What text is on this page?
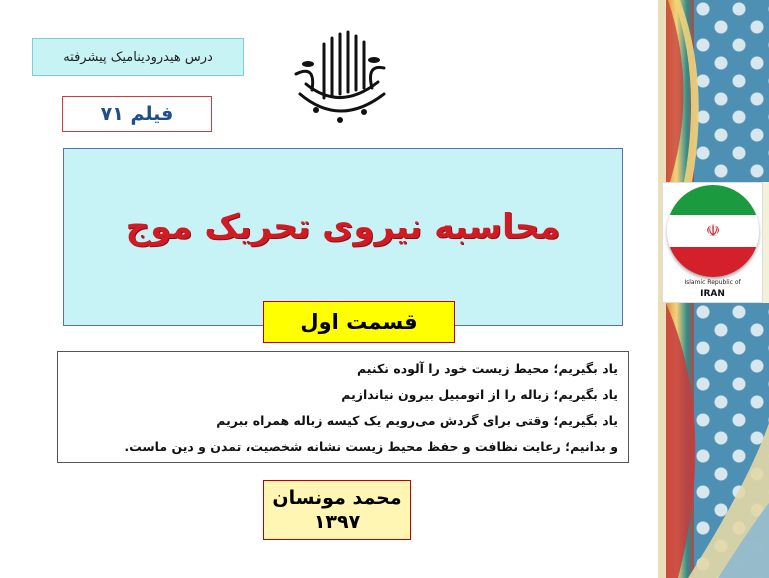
درس هیدرودینامیک پیشرفته
فیلم ۷۱
محاسبه نیروی تحریک موج
قسمت اول
یاد بگیریم؛ محیط زیست خود را آلوده نکنیم
یاد بگیریم؛ زباله را از اتومبیل بیرون نیاندازیم
یاد بگیریم؛ وقتی برای گردش می‌رویم یک کیسه زباله همراه ببریم
و بدانیم؛ رعایت نظافت و حفظ محیط زیست نشانه شخصیت، تمدن و دین ماست.
محمد مونسان
۱۳۹۷
☫
Islamic Republic of
IRAN
